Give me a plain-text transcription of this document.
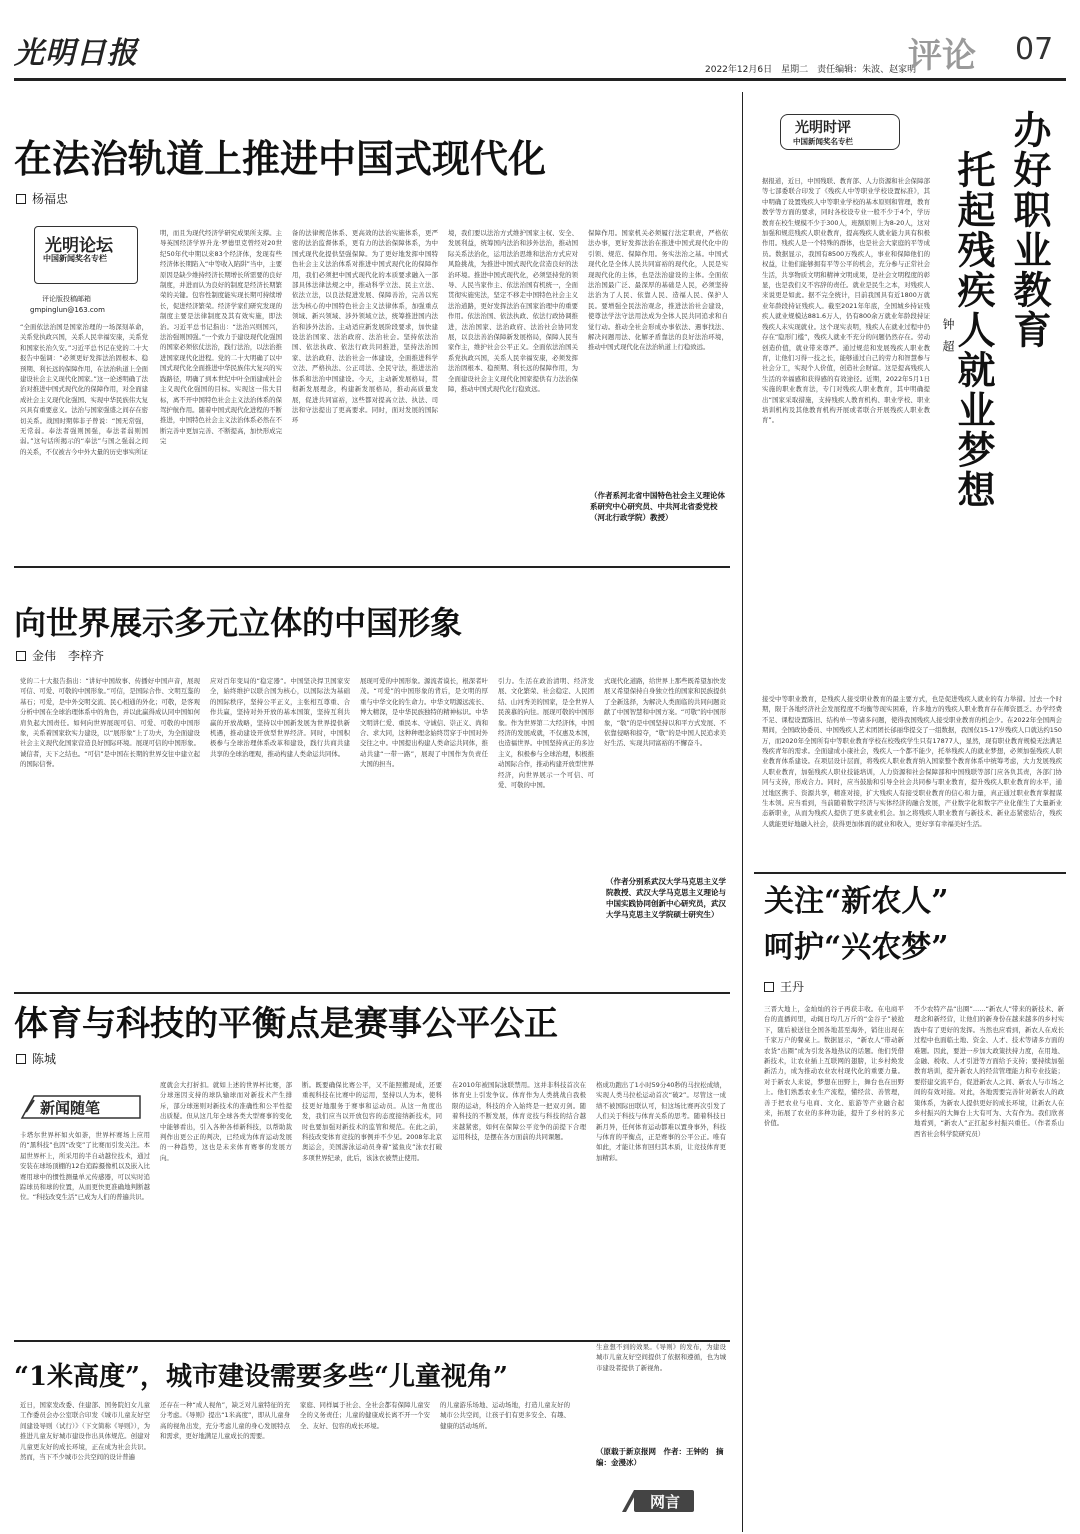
光明日报	2022年12月6日　星期二　责任编辑：朱波、赵家明
评论 07
在法治轨道上推进中国式现代化
杨福忠
光明论坛
中国新闻奖名专栏
评论版投稿邮箱
gmpinglun@163.com
“全面依法治国是国家治理的一场深刻革命，关系党执政兴国，关系人民幸福安康，关系党和国家长治久安。”习近平总书记在党的二十大报告中强调：“必须更好发挥法治固根本、稳预期、利长远的保障作用，在法治轨道上全面建设社会主义现代化国家。”这一论述明确了法治对推进中国式现代化的保障作用，对全面建成社会主义现代化强国、实现中华民族伟大复兴具有重要意义。法治与国家强盛之间存在密切关系。战国时期韩非子曾说：“国无常强，无常弱。奉法者强则国强，奉法者弱则国弱。”这句话所揭示的“奉法”与国之强弱之间的关系，不仅被古今中外大量的历史事实所证
明，而且为现代经济学研究成果所支撑。主导英国经济学界升龙·罗德里克曾经对20世纪50年代中期以来83个经济体，发现有些经济体长期陷入“中等收入陷阱”当中，主要原因是缺少维持经济长期增长所需要的良好制度，并进而认为良好的制度是经济长期繁荣的关键。包容性制度能实现长期可持续增长，促进经济繁荣。经济学家们研究发现的制度主要是法律制度及其有效实施，即法治。习近平总书记指出：“法治兴则国兴，法治强则国强。”一个致力于建设现代化强国的国家必须依仗法治，践行法治，以法治推进国家现代化进程。党的二十大明确了以中国式现代化全面推进中华民族伟大复兴的实践路径，明确了到本世纪中叶全面建成社会主义现代化强国的目标。实现这一伟大目标，离不开中国特色社会主义法治体系的保驾护航作用。随着中国式现代化进程的不断推进，中国特色社会主义法治体系必然在不断完善中更加完善、不断提高，加快形成完完
备的法律规范体系、更高效的法治实施体系，更严密的法治监督体系，更有力的法治保障体系，为中国式现代化提供坚强保障。为了更好地发挥中国特色社会主义法治体系对推进中国式现代化的保障作用，我们必须把中国式现代化的本质要求融入一部部具体法律法规之中，推动科学立法、民主立法、依法立法，以良法促进发展、保障善治，完善以宪法为核心的中国特色社会主义法律体系，加强重点领域、新兴领域、涉外领域立法，统筹推进国内法治和涉外法治。主动适应新发展阶段要求，加快建设法治国家、法治政府、法治社会。坚持依法治国、依法执政、依法行政共同推进，坚持法治国家、法治政府、法治社会一体建设，全面推进科学立法、严格执法、公正司法、全民守法，推进法治体系和法治中国建设。今天，主动新发展格局，贯彻新发展理念，构建新发展格局，推动高质量发展，促进共同富裕，这些都对提高立法、执法、司法和守法提出了更高要求。同时，面对发展的国际环
境，我们要以法治方式维护国家主权、安全、发展利益，统筹国内法治和涉外法治，推动国际关系法治化，运用法治思维和法治方式应对风险挑战，为推进中国式现代化营造良好的法治环境。推进中国式现代化，必须坚持党的领导、人民当家作主、依法治国有机统一，全面贯彻实施宪法，坚定不移走中国特色社会主义法治道路，更好发挥法治在国家治理中的重要作用。依法治国、依法执政、依法行政协调推进，法治国家、法治政府、法治社会协同发展，以良法善治保障新发展格局，保障人民当家作主，维护社会公平正义。全面依法治国关系党执政兴国，关系人民幸福安康，必须发挥法治固根本、稳预期、利长远的保障作用，为全面建设社会主义现代化国家提供有力法治保障，推动中国式现代化行稳致远。
保障作用。国家机关必须履行法定职责，严格依法办事，更好发挥法治在推进中国式现代化中的引领、规范、保障作用。务实法治之基。中国式现代化是全体人民共同富裕的现代化，人民是实现现代化的主体，也是法治建设的主体。全面依法治国最广泛、最深厚的基础是人民，必须坚持法治为了人民、依靠人民、造福人民、保护人民。要增强全民法治观念，推进法治社会建设，使尊法学法守法用法成为全体人民共同追求和自觉行动。推动全社会形成办事依法、遇事找法、解决问题用法、化解矛盾靠法的良好法治环境，推动中国式现代化在法治轨道上行稳致远。
（作者系河北省中国特色社会主义理论体系研究中心研究员、中共河北省委党校（河北行政学院）教授）
光明时评
中国新闻奖名专栏
托起残疾人就业梦想 办好职业教育
钟超
据报道，近日，中国残联、教育部、人力资源和社会保障部等七部委联合印发了《残疾人中等职业学校设置标准》，其中明确了设置残疾人中等职业学校的基本原则和管理，教育教学等方面的要求，同时各校设专业一般不少于4个，学历教育在校生规模不少于300人，班额原则上为8-20人，这对加强和规范残疾人职业教育，提高残疾人就业能力具有积极作用。残疾人是一个特殊的群体，也是社会大家庭的平等成员。数据显示，我国有8500万残疾人，事业和保障他们的权益，让他们能够拥有平等公平的机会，充分参与正常社会生活，共享物质文明和精神文明成果，是社会文明程度的彰显，也是我们义不容辞的责任。就业是民生之本，对残疾人来说更是如此。据不完全统计，目前我国具有近1800万就业年龄段持证残疾人。截至2021年年底，全国城乡持证残疾人就业规模达881.6万人，仍有800余万就业年龄段持证残疾人未实现就业。这个现实表明，残疾人在就业过程中仍存在“隐形门槛”，残疾人就业不充分的问题仍然存在。劳动创造价值，就业带来尊严。通过规范和发展残疾人职业教育，让他们习得一技之长，能够通过自己的劳力和智慧参与社会分工，实现个人价值，创造社会财富。这是提高残疾人生活的幸福感和获得感的有效途径。近期，2022年5月1日实施的职业教育法，专门对残疾人职业教育，其中明确提出“国家采取措施，支持残疾人教育机构、职业学校、职业培训机构及其他教育机构开展或者联合开展残疾人职业教育”。
接受中等职业教育，是残疾人接受职业教育的最主要方式，也是促进残疾人就业的有力举措。过去一个时期，限于各地经济社会发展程度不均衡等现实困难，许多地方的残疾人职业教育存在师资匮乏、办学经费不足、课程设置陈旧、结构单一等诸多问题，使得我国残疾人接受职业教育的机会少。在2022年全国两会期间，全国政协委员、中国残疾人艺术团团长邰丽华提交了一组数据，我国仅15-17岁残疾人口就达约150万，而2020年全国所有中等职业教育学校在校残疾学生只有17877人，显然，现有职业教育规模无法满足残疾青年的需求。全面建成小康社会，残疾人一个都不能少，托举残疾人的就业梦想，必须加强残疾人职业教育体系建设。在项层设计层面，将残疾人职业教育纳入国家整个教育体系中统筹考虑，大力发展残疾人职业教育，加强残疾人职业技能培训，人力资源和社会保障部和中国残联等部门应各负其责，各部门协同与支持，形成合力。同时，应当鼓励和引导全社会共同参与职业教育，提升残疾人职业教育的水平，通过地区携手、资源共享，精准对接，扩大残疾人有接受职业教育的信心和力量，真正通过职业教育掌握谋生本领。应当看到，当前随着数字经济与实体经济的融合发展，产业数字化和数字产业化催生了大量新业态新职业，从而为残疾人提供了更多就业机会。加之将残疾人职业教育与新技术、新业态紧密结合，残疾人就能更好地融入社会，获得更加体面的就业和收入，更好享有幸福美好生活。
向世界展示多元立体的中国形象
金伟　李梓齐
党的二十大报告指出：“讲好中国故事、传播好中国声音，展现可信、可爱、可敬的中国形象。”可信，是国际合作、文明互鉴的基石；可爱，是中外交明交流、民心相通的外化；可敬，是客观分析中国在全球治理体系中的角色，并以此赢得成认同中国如何肩负起大国责任。如何向世界展现可信、可爱、可敬的中国形象，关系着国家软实力建设，以“展形象”上了功夫，为全面建设社会主义现代化国家营造良好国际环境。展现可信的中国形象。诚信者，天下之结也。“可信”是中国在长期的世界交往中建立起的国际信誉。
应对百年变局的“稳定器”。中国坚决捍卫国家安全，始终维护以联合国为核心，以国际法为基础的国际秩序，坚持公平正义，主张相互尊重、合作共赢，坚持对外开放的基本国策，坚持互利共赢的开放战略，坚持以中国新发展为世界提供新机遇，推动建设开放型世界经济。同时，中国积极参与全球治理体系改革和建设，践行共商共建共享的全球治理观，推动构建人类命运共同体。
展现可爱的中国形象。源流者谟长，根深者叶茂。“可爱”的中国形象的背后，是文明的厚重与中华文化的生命力。中华文明源远流长、博大精深，是中华民族独特的精神标识。中华文明讲仁爱、重民本、守诚信、崇正义、尚和合、求大同，这种种理念始终贯穿于中国对外交往之中。中国提出构建人类命运共同体，推动共建“一带一路”，展现了中国作为负责任大国的担当。
引力。生活在政治清明、经济发展、文化繁荣、社会稳定、人民团结、山河秀美的国家，是全世界人民羡慕的向往。展现可敬的中国形象。作为世界第二大经济体，中国经济的发展成就，不仅惠及本国，也造福世界。中国坚持真正的多边主义，积极参与全球治理，积极推动国际合作，推动构建开放型世界经济，向世界展示一个可信、可爱、可敬的中国。
式现代化道路，给世界上那些既希望加快发展又希望保持自身独立性的国家和民族提供了全新选择，为解决人类面临的共同问题贡献了中国智慧和中国方案。“可敬”的中国形象，“敬”的是中国坚持以和平方式发展、不依靠侵略和掠夺，“敬”的是中国人民追求美好生活、实现共同富裕的不懈奋斗。
（作者分别系武汉大学马克思主义学院教授、武汉大学马克思主义理论与中国实践协同创新中心研究员，武汉大学马克思主义学院硕士研究生）	关注“新农人”
呵护“兴农梦”
王丹
三晋大地上，金灿灿的谷子再获丰收。在电商平台的直播间里，动辄日均几万斤的“金谷子”被抢下，随后被送往全国各地甚至海外，销往出现在千家万户的餐桌上。数据显示，“新农人”带动新农货“出圈”成为引发各地热议的话题。他们凭借新技术，让农业插上互联网的翅膀，让乡村焕发新活力，成为推动农业农村现代化的重要力量。对于新农人来说，梦想在田野上，舞台也在田野上。他们熟悉农业生产流程，懂经营、善管理，善于把农业与电商、文化、旅游等产业融合起来，拓展了农业的多种功能，提升了乡村的多元价值。
不少农特产品“出圈”……“新农人”带来的新技术、新理念和新经营，让他们的新身份在越来越多的乡村实践中有了更好的发挥。当然也应看到，新农人在成长过程中也面临土地、资金、人才、技术等诸多方面的难题。因此，要进一步加大政策扶持力度，在用地、金融、税收、人才引进等方面给予支持；要持续加强教育培训，提升新农人的经营管理能力和专业技能；要搭建交流平台，促进新农人之间、新农人与市场之间的有效对接。对此，各地需要完善针对新农人的政策体系，为新农人提供更好的成长环境，让新农人在乡村振兴的大舞台上大有可为、大有作为。我们欣喜地看到，“新农人”正扛起乡村振兴重任。（作者系山西省社会科学院研究员）
体育与科技的平衡点是赛事公平公正
陈城
新闻随笔
卡塔尔世界杯如火如荼，世界杯赛场上应用的“黑科技”也因“改变”了比赛而引发关注。本届世界杯上，所采用的半自动越位技术，通过安装在球场顶棚的12台追踪摄像机以及嵌入比赛用球中的惯性测量单元传感器，可以实时追踪球员和球的位置，从而更快更准确地判断越位。“科技改变生活”已成为人们的普遍共识。
度就会大打折扣。就如上述的世界杯比赛，部分球迷因支持的球队输球而对新技术产生排斥，部分球迷则对新技术的准确性和公平性提出质疑。但从这几年全球各类大型赛事的变化中能够看出，引入各种各样新科技，以帮助裁判作出更公正的判决，已经成为体育运动发展的一种趋势，这也是未来体育赛事的发展方向。
断。既要确保比赛公平，又不能照搬现成，还要重视科技在比赛中的运用，坚持以人为本，使科技更好地服务于赛事和运动员。从这一角度出发，我们应当以开放包容的态度接纳新技术，同时也要加强对新技术的监管和规范。在此之前，科技改变体育竞技的事例并不少见。2008年北京奥运会，美国游泳运动员身着“鲨鱼皮”泳衣打破多项世界纪录，此后，该泳衣被禁止使用。
在2010年被国际泳联禁用。这并非科技首次在体育史上引发争议。体育作为人类挑战自我极限的运动，科技的介入始终是一把双刃剑。随着科技的不断发展，体育竞技与科技的结合越来越紧密，如何在保障公平竞争的前提下合理运用科技，是摆在各方面前的共同课题。
格成功跑出了1小时59分40秒的马拉松成绩，实现人类马拉松运动首次“破2”。尽管这一成绩不被国际田联认可，但这场比赛再次引发了人们关于科技与体育关系的思考。随着科技日新月异，任何体育运动都难以置身事外，科技与体育的平衡点，正是赛事的公平公正。唯有如此，才能让体育回归其本质，让竞技体育更加精彩。
“1米高度”，城市建设需要多些“儿童视角”
近日，国家发改委、住建部、国务院妇女儿童工作委员会办公室联合印发《城市儿童友好空间建设导则（试行）》（下文简称《导则》），为推进儿童友好城市建设作出具体规范。创建对儿童更友好的成长环境，正在成为社会共识。然而，当下不少城市公共空间的设计普遍
还存在一种“成人视角”，缺乏对儿童特征的充分考虑。《导则》提出“1米高度”，即从儿童身高的视角出发，充分考虑儿童的身心发展特点和需求，更好地满足儿童成长的需要。
家庭、同样属于社会、全社会都有保障儿童安全的义务责任；儿童的健康成长离不开一个安全、友好、包容的成长环境。
的儿童游乐场地、运动场地，打造儿童友好的城市公共空间，让孩子们有更多安全、有趣、健康的活动场所。
生意想不到的效果。《导则》的发布，为建设城市儿童友好空间提供了依据和遵循，也为城市建设者提供了新视角。
（原载于新京报网　作者：王钟的　摘编：金漫冰）
网言
